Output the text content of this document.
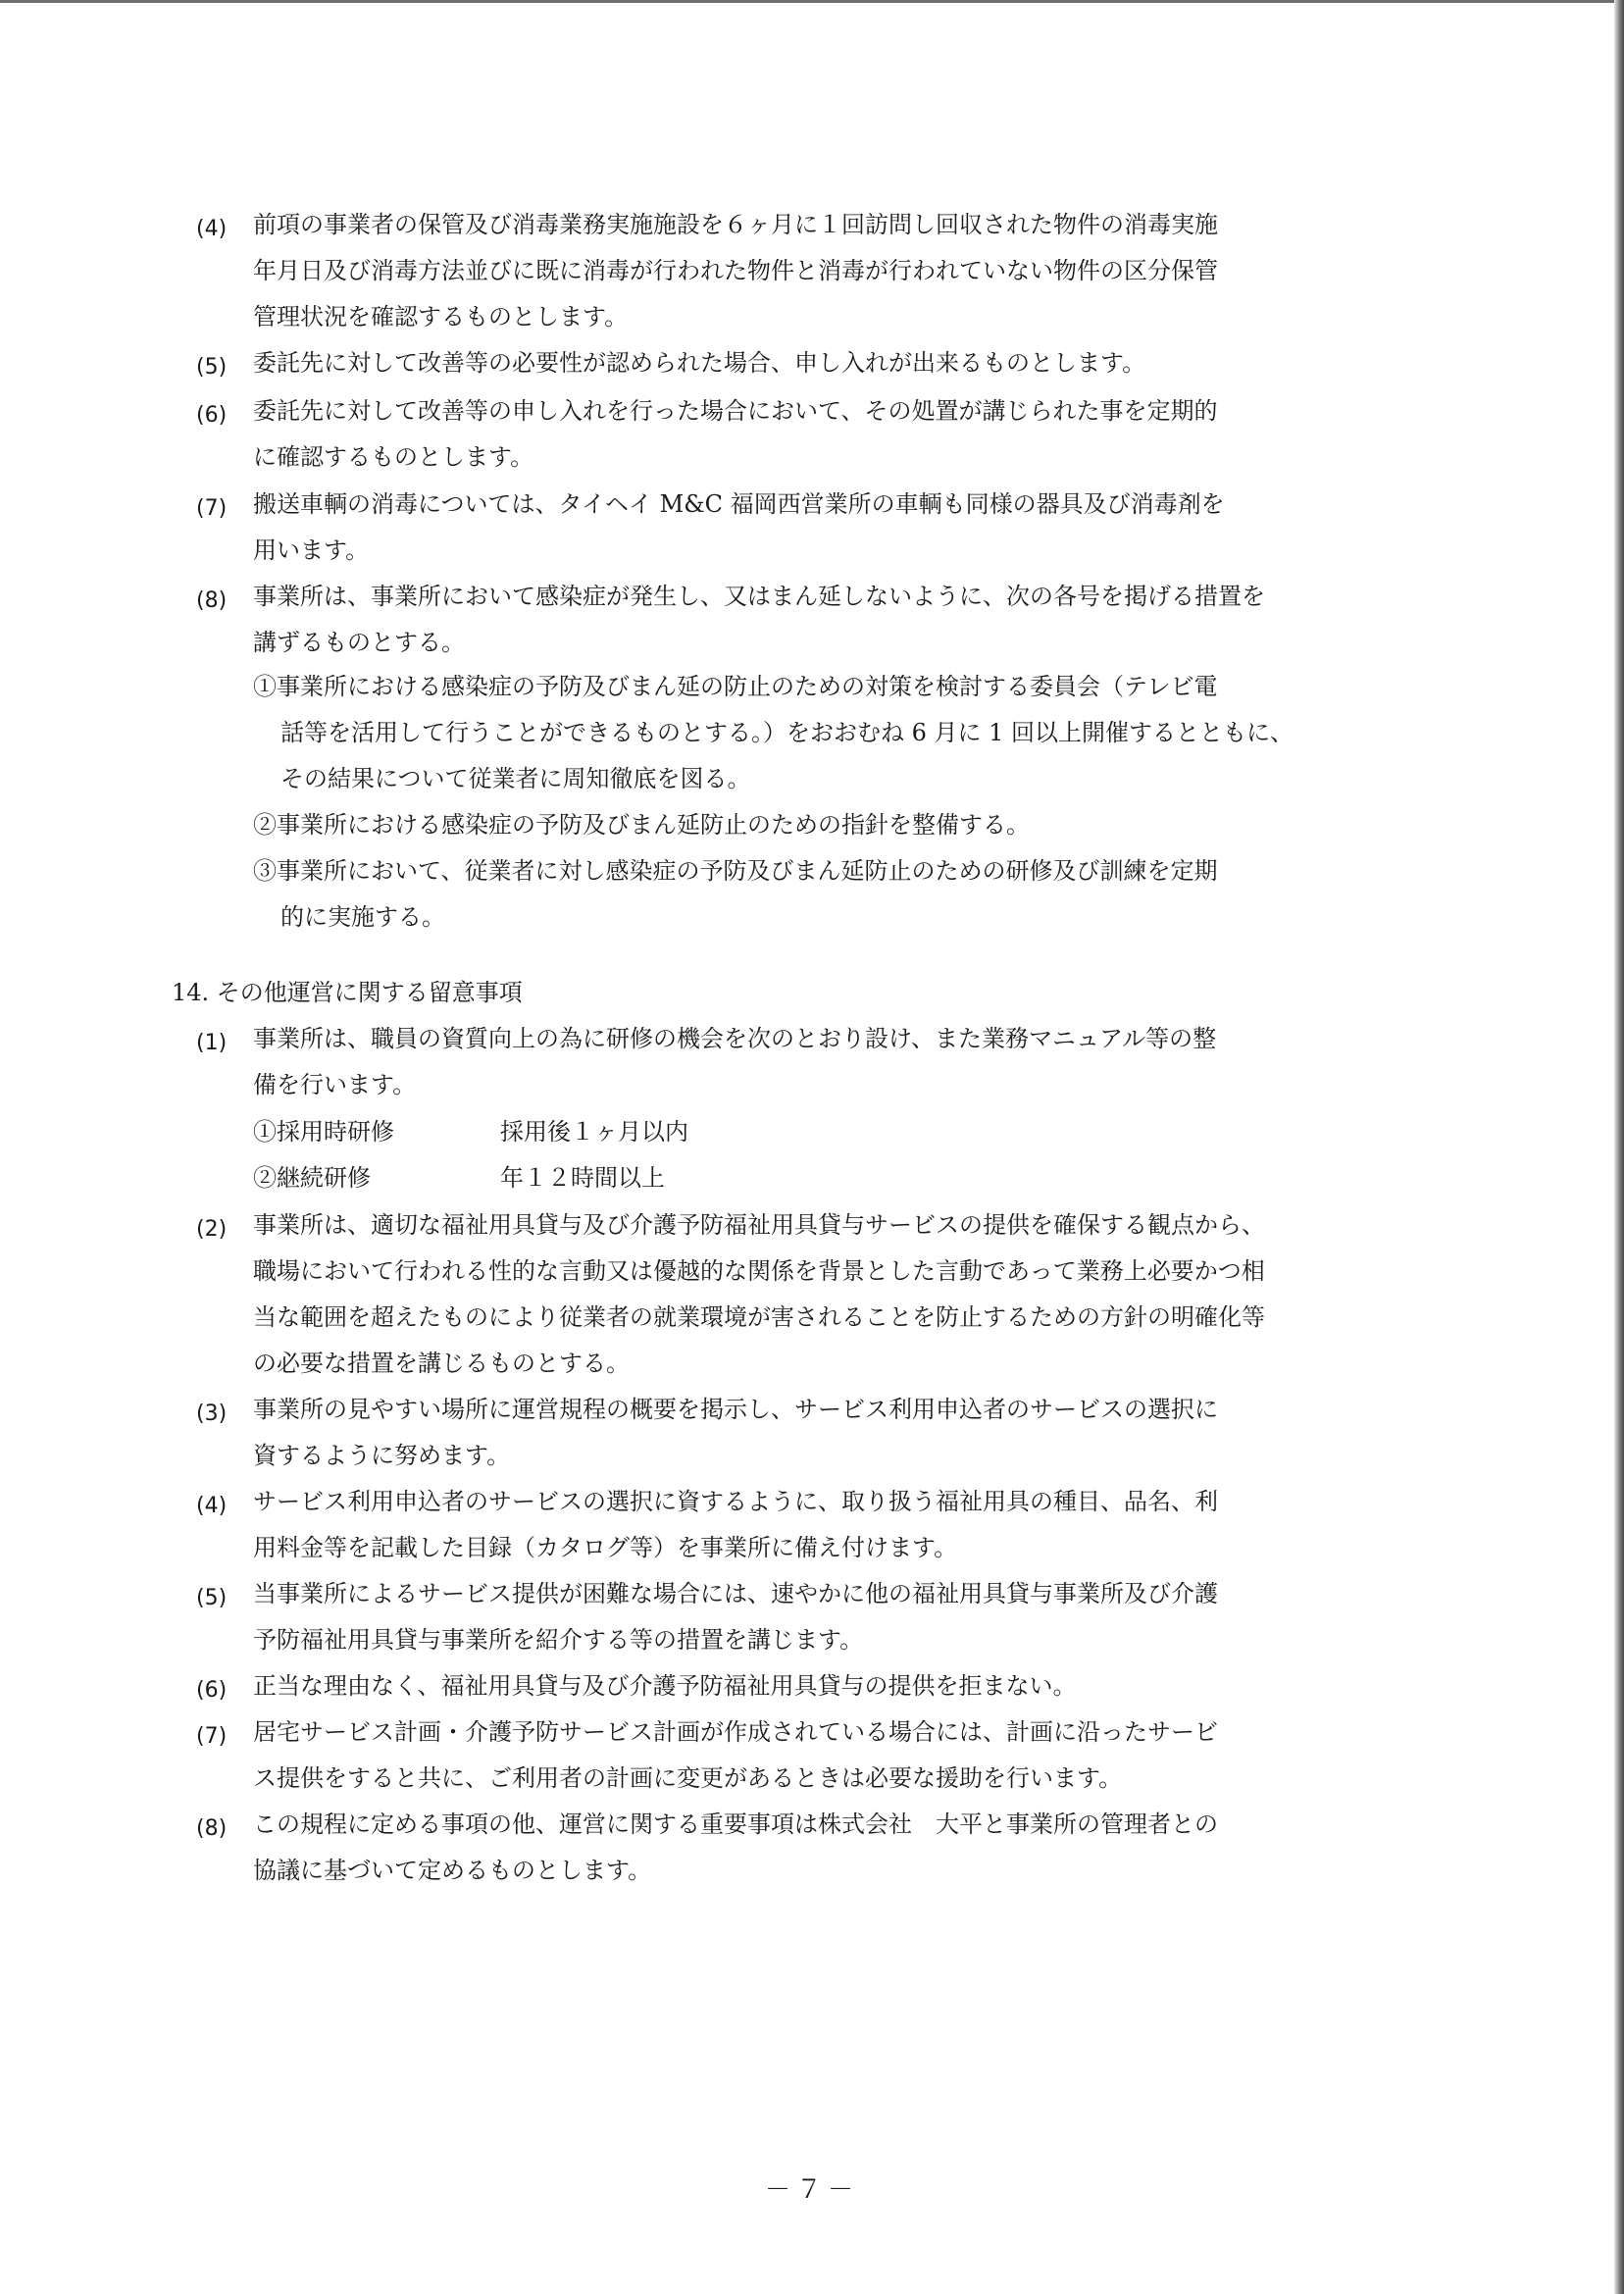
(4) 前項の事業者の保管及び消毒業務実施施設を６ヶ月に１回訪問し回収された物件の消毒実施
年月日及び消毒方法並びに既に消毒が行われた物件と消毒が行われていない物件の区分保管
管理状況を確認するものとします。
(5) 委託先に対して改善等の必要性が認められた場合、申し入れが出来るものとします。
(6) 委託先に対して改善等の申し入れを行った場合において、その処置が講じられた事を定期的
に確認するものとします。
(7) 搬送車輌の消毒については、タイヘイ M&C 福岡西営業所の車輌も同様の器具及び消毒剤を
用います。
(8) 事業所は、事業所において感染症が発生し、又はまん延しないように、次の各号を掲げる措置を
講ずるものとする。
①事業所における感染症の予防及びまん延の防止のための対策を検討する委員会（テレビ電
話等を活用して行うことができるものとする。）をおおむね 6 月に 1 回以上開催するとともに、
その結果について従業者に周知徹底を図る。
②事業所における感染症の予防及びまん延防止のための指針を整備する。
③事業所において、従業者に対し感染症の予防及びまん延防止のための研修及び訓練を定期
的に実施する。
14. その他運営に関する留意事項
(1) 事業所は、職員の資質向上の為に研修の機会を次のとおり設け、また業務マニュアル等の整
備を行います。
①採用時研修	採用後１ヶ月以内
②継続研修	年１２時間以上
(2) 事業所は、適切な福祉用具貸与及び介護予防福祉用具貸与サービスの提供を確保する観点から、
職場において行われる性的な言動又は優越的な関係を背景とした言動であって業務上必要かつ相
当な範囲を超えたものにより従業者の就業環境が害されることを防止するための方針の明確化等
の必要な措置を講じるものとする。
(3) 事業所の見やすい場所に運営規程の概要を掲示し、サービス利用申込者のサービスの選択に
資するように努めます。
(4) サービス利用申込者のサービスの選択に資するように、取り扱う福祉用具の種目、品名、利
用料金等を記載した目録（カタログ等）を事業所に備え付けます。
(5) 当事業所によるサービス提供が困難な場合には、速やかに他の福祉用具貸与事業所及び介護
予防福祉用具貸与事業所を紹介する等の措置を講じます。
(6) 正当な理由なく、福祉用具貸与及び介護予防福祉用具貸与の提供を拒まない。
(7) 居宅サービス計画・介護予防サービス計画が作成されている場合には、計画に沿ったサービ
ス提供をすると共に、ご利用者の計画に変更があるときは必要な援助を行います。
(8) この規程に定める事項の他、運営に関する重要事項は株式会社　大平と事業所の管理者との
協議に基づいて定めるものとします。
－７－
